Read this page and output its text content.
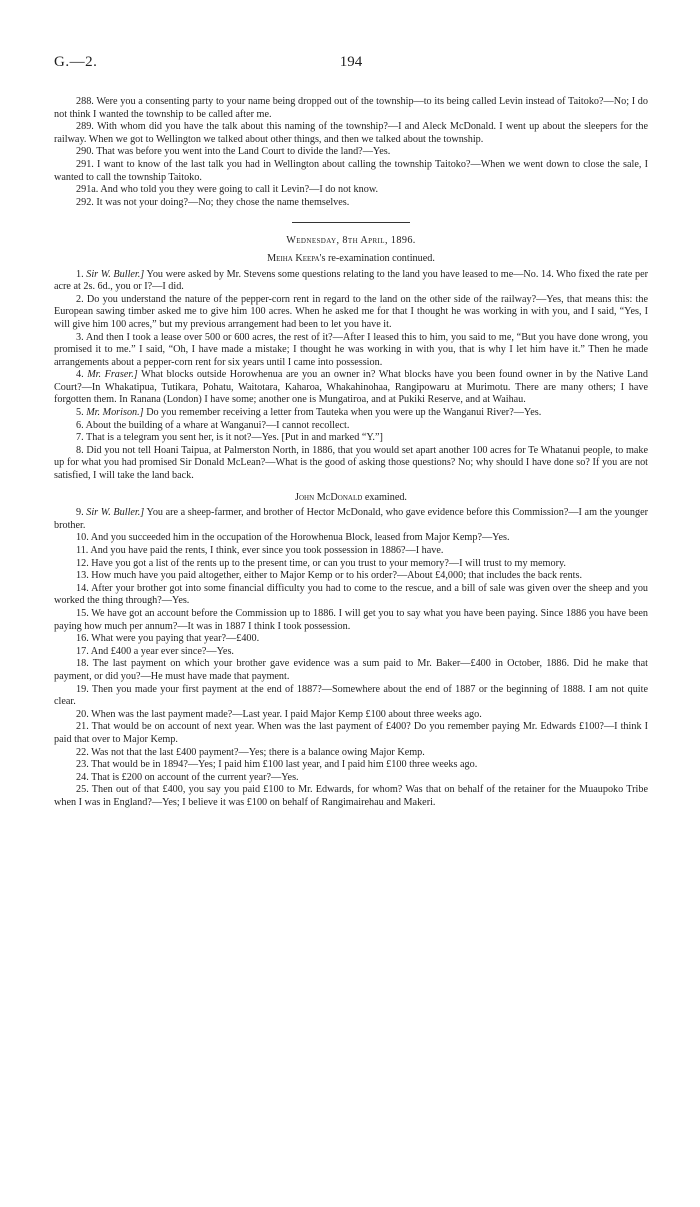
G.—2.	194

288. Were you a consenting party to your name being dropped out of the township—to its being called Levin instead of Taitoko?—No; I do not think I wanted the township to be called after me.

289. With whom did you have the talk about this naming of the township?—I and Aleck McDonald. I went up about the sleepers for the railway. When we got to Wellington we talked about other things, and then we talked about the township.

290. That was before you went into the Land Court to divide the land?—Yes.

291. I want to know of the last talk you had in Wellington about calling the township Taitoko?—When we went down to close the sale, I wanted to call the township Taitoko.

291a. And who told you they were going to call it Levin?—I do not know.

292. It was not your doing?—No; they chose the name themselves.

Wednesday, 8th April, 1896.
Meiha Keepa's re-examination continued.

1. Sir W. Buller.] You were asked by Mr. Stevens some questions relating to the land you have leased to me—No. 14. Who fixed the rate per acre at 2s. 6d., you or I?—I did.

2. Do you understand the nature of the pepper-corn rent in regard to the land on the other side of the railway?—Yes, that means this: the European sawing timber asked me to give him 100 acres. When he asked me for that I thought he was working in with you, and I said, “Yes, I will give him 100 acres,” but my previous arrangement had been to let you have it.

3. And then I took a lease over 500 or 600 acres, the rest of it?—After I leased this to him, you said to me, “But you have done wrong, you promised it to me.” I said, “Oh, I have made a mistake; I thought he was working in with you, that is why I let him have it.” Then he made arrangements about a pepper-corn rent for six years until I came into possession.

4. Mr. Fraser.] What blocks outside Horowhenua are you an owner in? What blocks have you been found owner in by the Native Land Court?—In Whakatipua, Tutikara, Pohatu, Waitotara, Kaharoa, Whakahinohaa, Rangipowaru at Murimotu. There are many others; I have forgotten them. In Ranana (London) I have some; another one is Mungatiroa, and at Pukiki Reserve, and at Waihau.

5. Mr. Morison.] Do you remember receiving a letter from Tauteka when you were up the Wanganui River?—Yes.

6. About the building of a whare at Wanganui?—I cannot recollect.

7. That is a telegram you sent her, is it not?—Yes. [Put in and marked “Y.”]

8. Did you not tell Hoani Taipua, at Palmerston North, in 1886, that you would set apart another 100 acres for Te Whatanui people, to make up for what you had promised Sir Donald McLean?—What is the good of asking those questions? No; why should I have done so? If you are not satisfied, I will take the land back.

John McDonald examined.

9. Sir W. Buller.] You are a sheep-farmer, and brother of Hector McDonald, who gave evidence before this Commission?—I am the younger brother.

10. And you succeeded him in the occupation of the Horowhenua Block, leased from Major Kemp?—Yes.

11. And you have paid the rents, I think, ever since you took possession in 1886?—I have.

12. Have you got a list of the rents up to the present time, or can you trust to your memory?—I will trust to my memory.

13. How much have you paid altogether, either to Major Kemp or to his order?—About £4,000; that includes the back rents.

14. After your brother got into some financial difficulty you had to come to the rescue, and a bill of sale was given over the sheep and you worked the thing through?—Yes.

15. We have got an account before the Commission up to 1886. I will get you to say what you have been paying. Since 1886 you have been paying how much per annum?—It was in 1887 I think I took possession.

16. What were you paying that year?—£400.

17. And £400 a year ever since?—Yes.

18. The last payment on which your brother gave evidence was a sum paid to Mr. Baker—£400 in October, 1886. Did he make that payment, or did you?—He must have made that payment.

19. Then you made your first payment at the end of 1887?—Somewhere about the end of 1887 or the beginning of 1888. I am not quite clear.

20. When was the last payment made?—Last year. I paid Major Kemp £100 about three weeks ago.

21. That would be on account of next year. When was the last payment of £400? Do you remember paying Mr. Edwards £100?—I think I paid that over to Major Kemp.

22. Was not that the last £400 payment?—Yes; there is a balance owing Major Kemp.

23. That would be in 1894?—Yes; I paid him £100 last year, and I paid him £100 three weeks ago.

24. That is £200 on account of the current year?—Yes.

25. Then out of that £400, you say you paid £100 to Mr. Edwards, for whom? Was that on behalf of the retainer for the Muaupoko Tribe when I was in England?—Yes; I believe it was £100 on behalf of Rangimairehau and Makeri.
